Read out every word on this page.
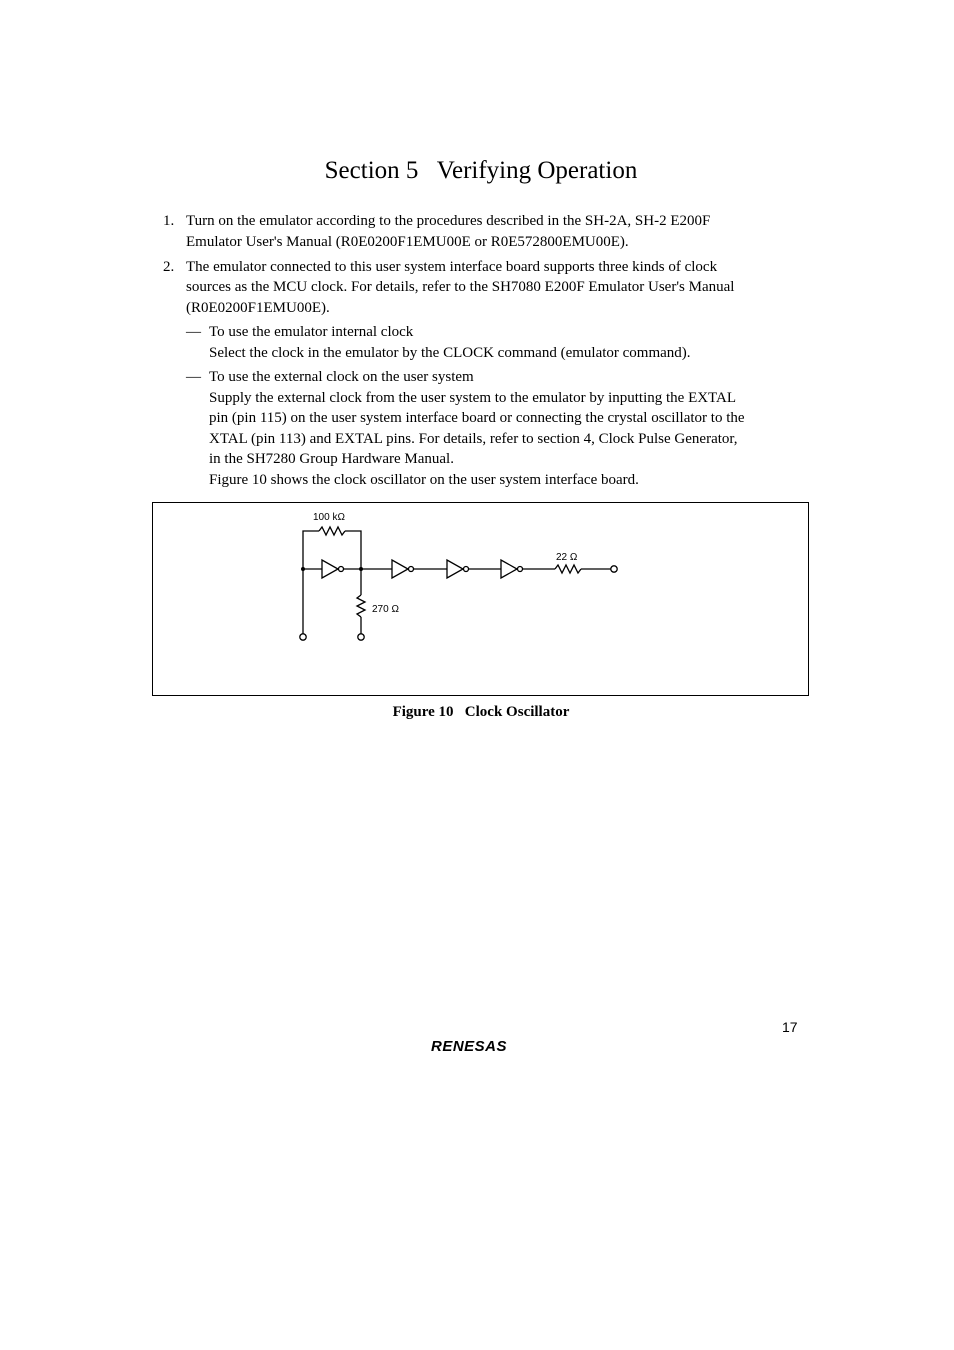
Section 5   Verifying Operation
1. Turn on the emulator according to the procedures described in the SH-2A, SH-2 E200F
Emulator User's Manual (R0E0200F1EMU00E or R0E572800EMU00E).
2. The emulator connected to this user system interface board supports three kinds of clock
sources as the MCU clock. For details, refer to the SH7080 E200F Emulator User's Manual
(R0E0200F1EMU00E).
— To use the emulator internal clock
Select the clock in the emulator by the CLOCK command (emulator command).
— To use the external clock on the user system
Supply the external clock from the user system to the emulator by inputting the EXTAL
pin (pin 115) on the user system interface board or connecting the crystal oscillator to the
XTAL (pin 113) and EXTAL pins. For details, refer to section 4, Clock Pulse Generator,
in the SH7280 Group Hardware Manual.
Figure 10 shows the clock oscillator on the user system interface board.
100 kΩ
22 Ω
270 Ω
Figure 10   Clock Oscillator
17
RENESAS
